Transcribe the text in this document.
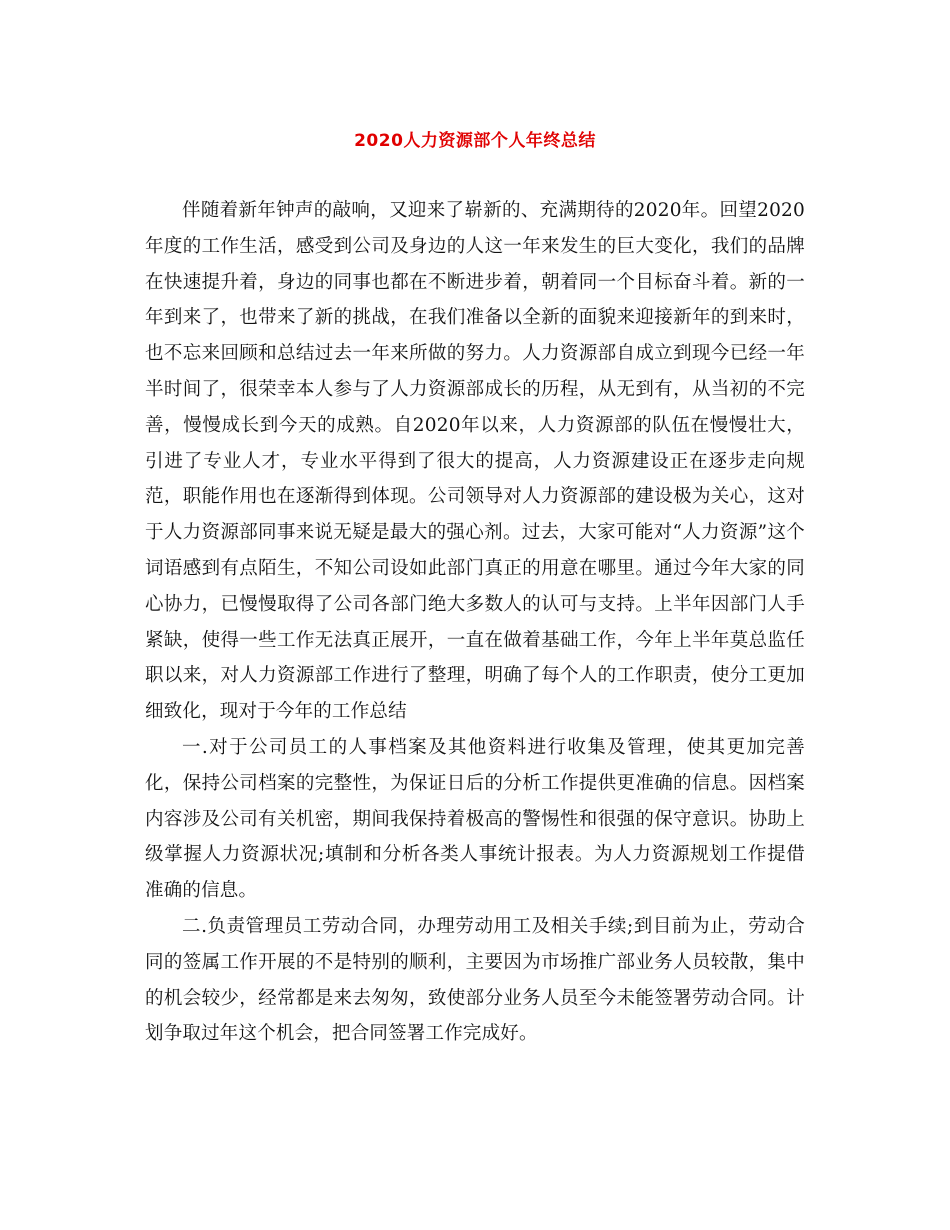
2020人力资源部个人年终总结

伴随着新年钟声的敲响，又迎来了崭新的、充满期待的2020年。回望2020年度的工作生活，感受到公司及身边的人这一年来发生的巨大变化，我们的品牌在快速提升着，身边的同事也都在不断进步着，朝着同一个目标奋斗着。新的一年到来了，也带来了新的挑战，在我们准备以全新的面貌来迎接新年的到来时，也不忘来回顾和总结过去一年来所做的努力。人力资源部自成立到现今已经一年半时间了，很荣幸本人参与了人力资源部成长的历程，从无到有，从当初的不完善，慢慢成长到今天的成熟。自2020年以来，人力资源部的队伍在慢慢壮大，引进了专业人才，专业水平得到了很大的提高，人力资源建设正在逐步走向规范，职能作用也在逐渐得到体现。公司领导对人力资源部的建设极为关心，这对于人力资源部同事来说无疑是最大的强心剂。过去，大家可能对“人力资源”这个词语感到有点陌生，不知公司设如此部门真正的用意在哪里。通过今年大家的同心协力，已慢慢取得了公司各部门绝大多数人的认可与支持。上半年因部门人手紧缺，使得一些工作无法真正展开，一直在做着基础工作，今年上半年莫总监任职以来，对人力资源部工作进行了整理，明确了每个人的工作职责，使分工更加细致化，现对于今年的工作总结

一.对于公司员工的人事档案及其他资料进行收集及管理，使其更加完善化，保持公司档案的完整性，为保证日后的分析工作提供更准确的信息。因档案内容涉及公司有关机密，期间我保持着极高的警惕性和很强的保守意识。协助上级掌握人力资源状况;填制和分析各类人事统计报表。为人力资源规划工作提借准确的信息。

二.负责管理员工劳动合同，办理劳动用工及相关手续;到目前为止，劳动合同的签属工作开展的不是特别的顺利，主要因为市场推广部业务人员较散，集中的机会较少，经常都是来去匆匆，致使部分业务人员至今未能签署劳动合同。计划争取过年这个机会，把合同签署工作完成好。
